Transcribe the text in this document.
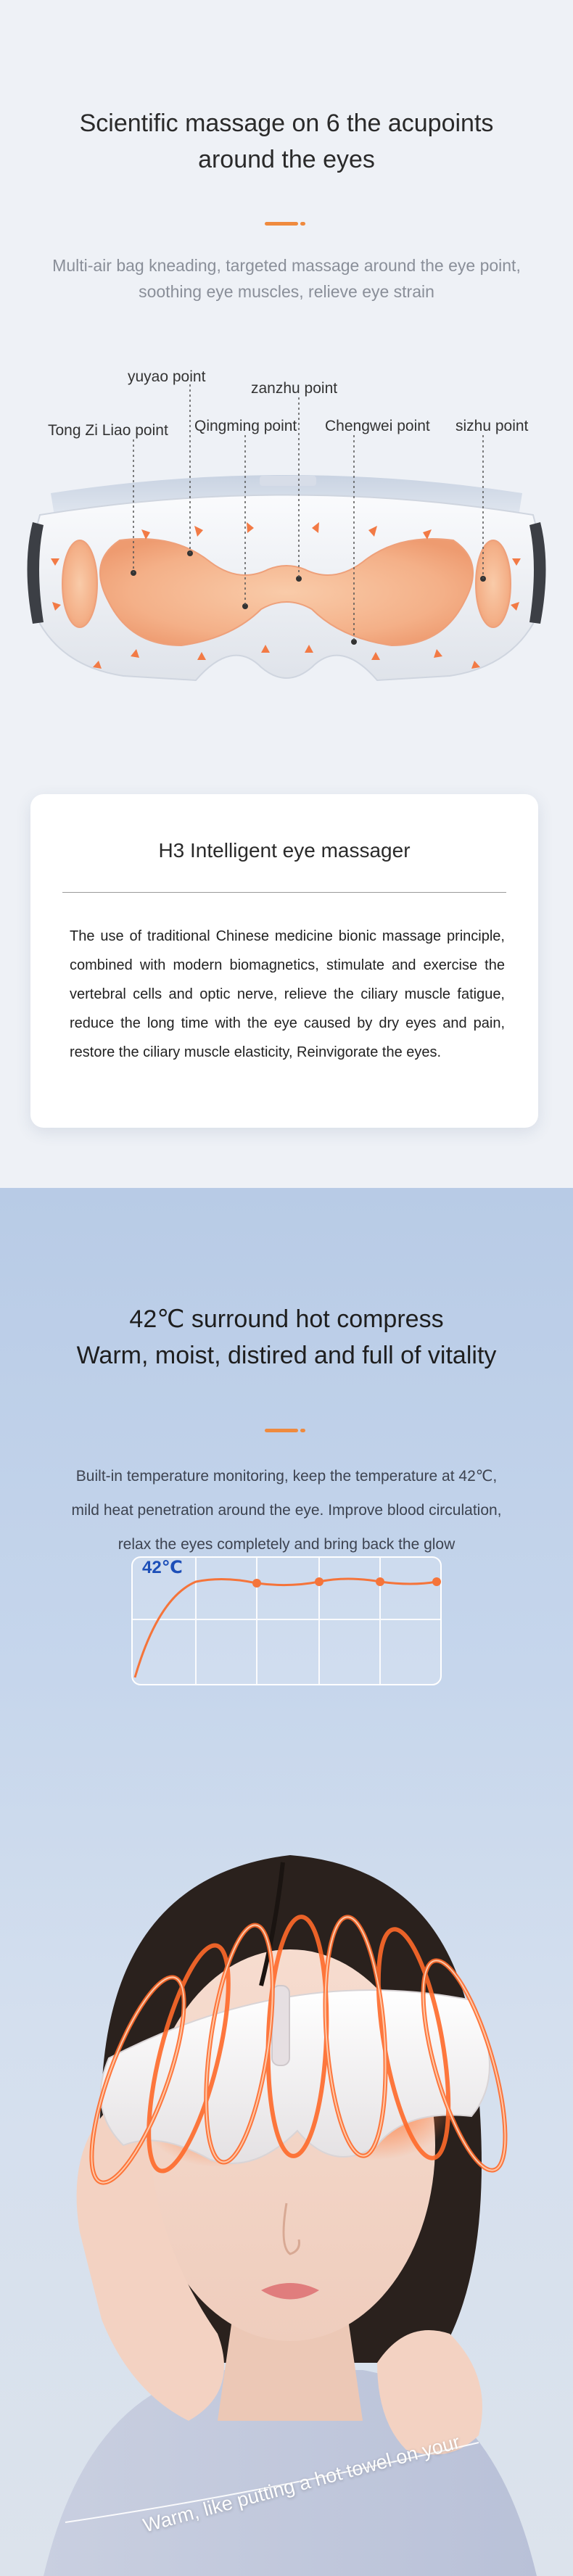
Scientific massage on 6 the acupoints
around the eyes
Multi-air bag kneading, targeted massage around the eye point,
soothing eye muscles, relieve eye strain
yuyao point
zanzhu point
Tong Zi Liao point Qingming point Chengwei point sizhu point
H3 Intelligent eye massager
The use of traditional Chinese medicine bionic massage principle, combined with modern biomagnetics, stimulate and exercise the vertebral cells and optic nerve, relieve the ciliary muscle fatigue, reduce the long time with the eye caused by dry eyes and pain, restore the ciliary muscle elasticity, Reinvigorate the eyes.
42℃ surround hot compress
Warm, moist, distired and full of vitality
Built-in temperature monitoring, keep the temperature at 42℃,
mild heat penetration around the eye. Improve blood circulation,
relax the eyes completely and bring back the glow
42℃
Warm, like putting a hot towel on your
